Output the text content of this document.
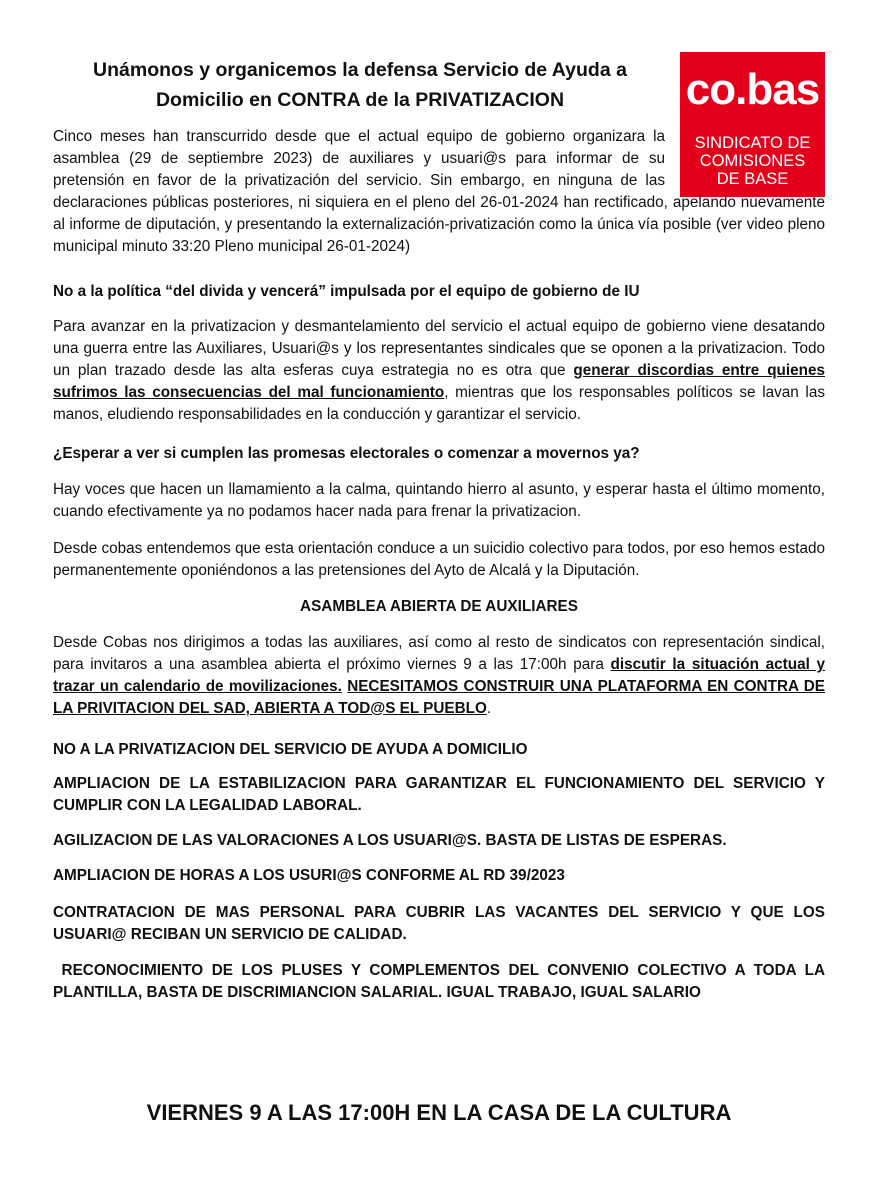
Unámonos y organicemos la defensa Servicio de Ayuda a
Domicilio en CONTRA de la PRIVATIZACION	co.bas
SINDICATO DE
COMISIONES
DE BASE

Cinco meses han transcurrido desde que el actual equipo de gobierno organizara la asamblea (29 de septiembre 2023) de auxiliares y usuari@s para informar de su pretensión en favor de la privatización del servicio. Sin embargo, en ninguna de las declaraciones públicas posteriores, ni siquiera en el pleno del 26-01-2024 han rectificado, apelando nuevamente al informe de diputación, y presentando la externalización-privatización como la única vía posible (ver video pleno municipal minuto 33:20 Pleno municipal 26-01-2024)

No a la política “del divida y vencerá” impulsada por el equipo de gobierno de IU

Para avanzar en la privatizacion y desmantelamiento del servicio el actual equipo de gobierno viene desatando una guerra entre las Auxiliares, Usuari@s y los representantes sindicales que se oponen a la privatizacion. Todo un plan trazado desde las alta esferas cuya estrategia no es otra que generar discordias entre quienes sufrimos las consecuencias del mal funcionamiento, mientras que los responsables políticos se lavan las manos, eludiendo responsabilidades en la conducción y garantizar el servicio.

¿Esperar a ver si cumplen las promesas electorales o comenzar a movernos ya?

Hay voces que hacen un llamamiento a la calma, quintando hierro al asunto, y esperar hasta el último momento, cuando efectivamente ya no podamos hacer nada para frenar la privatizacion.

Desde cobas entendemos que esta orientación conduce a un suicidio colectivo para todos, por eso hemos estado permanentemente oponiéndonos a las pretensiones del Ayto de Alcalá y la Diputación.

ASAMBLEA ABIERTA DE AUXILIARES

Desde Cobas nos dirigimos a todas las auxiliares, así como al resto de sindicatos con representación sindical, para invitaros a una asamblea abierta el próximo viernes 9 a las 17:00h para discutir la situación actual y trazar un calendario de movilizaciones. NECESITAMOS CONSTRUIR UNA PLATAFORMA EN CONTRA DE LA PRIVITACION DEL SAD, ABIERTA A TOD@S EL PUEBLO.

NO A LA PRIVATIZACION DEL SERVICIO DE AYUDA A DOMICILIO

AMPLIACION DE LA ESTABILIZACION PARA GARANTIZAR EL FUNCIONAMIENTO DEL SERVICIO Y CUMPLIR CON LA LEGALIDAD LABORAL.

AGILIZACION DE LAS VALORACIONES A LOS USUARI@S. BASTA DE LISTAS DE ESPERAS.

AMPLIACION DE HORAS A LOS USURI@S CONFORME AL RD 39/2023

CONTRATACION DE MAS PERSONAL PARA CUBRIR LAS VACANTES DEL SERVICIO Y QUE LOS USUARI@ RECIBAN UN SERVICIO DE CALIDAD.

RECONOCIMIENTO DE LOS PLUSES Y COMPLEMENTOS DEL CONVENIO COLECTIVO A TODA LA PLANTILLA, BASTA DE DISCRIMIANCION SALARIAL. IGUAL TRABAJO, IGUAL SALARIO

VIERNES 9 A LAS 17:00H EN LA CASA DE LA CULTURA
